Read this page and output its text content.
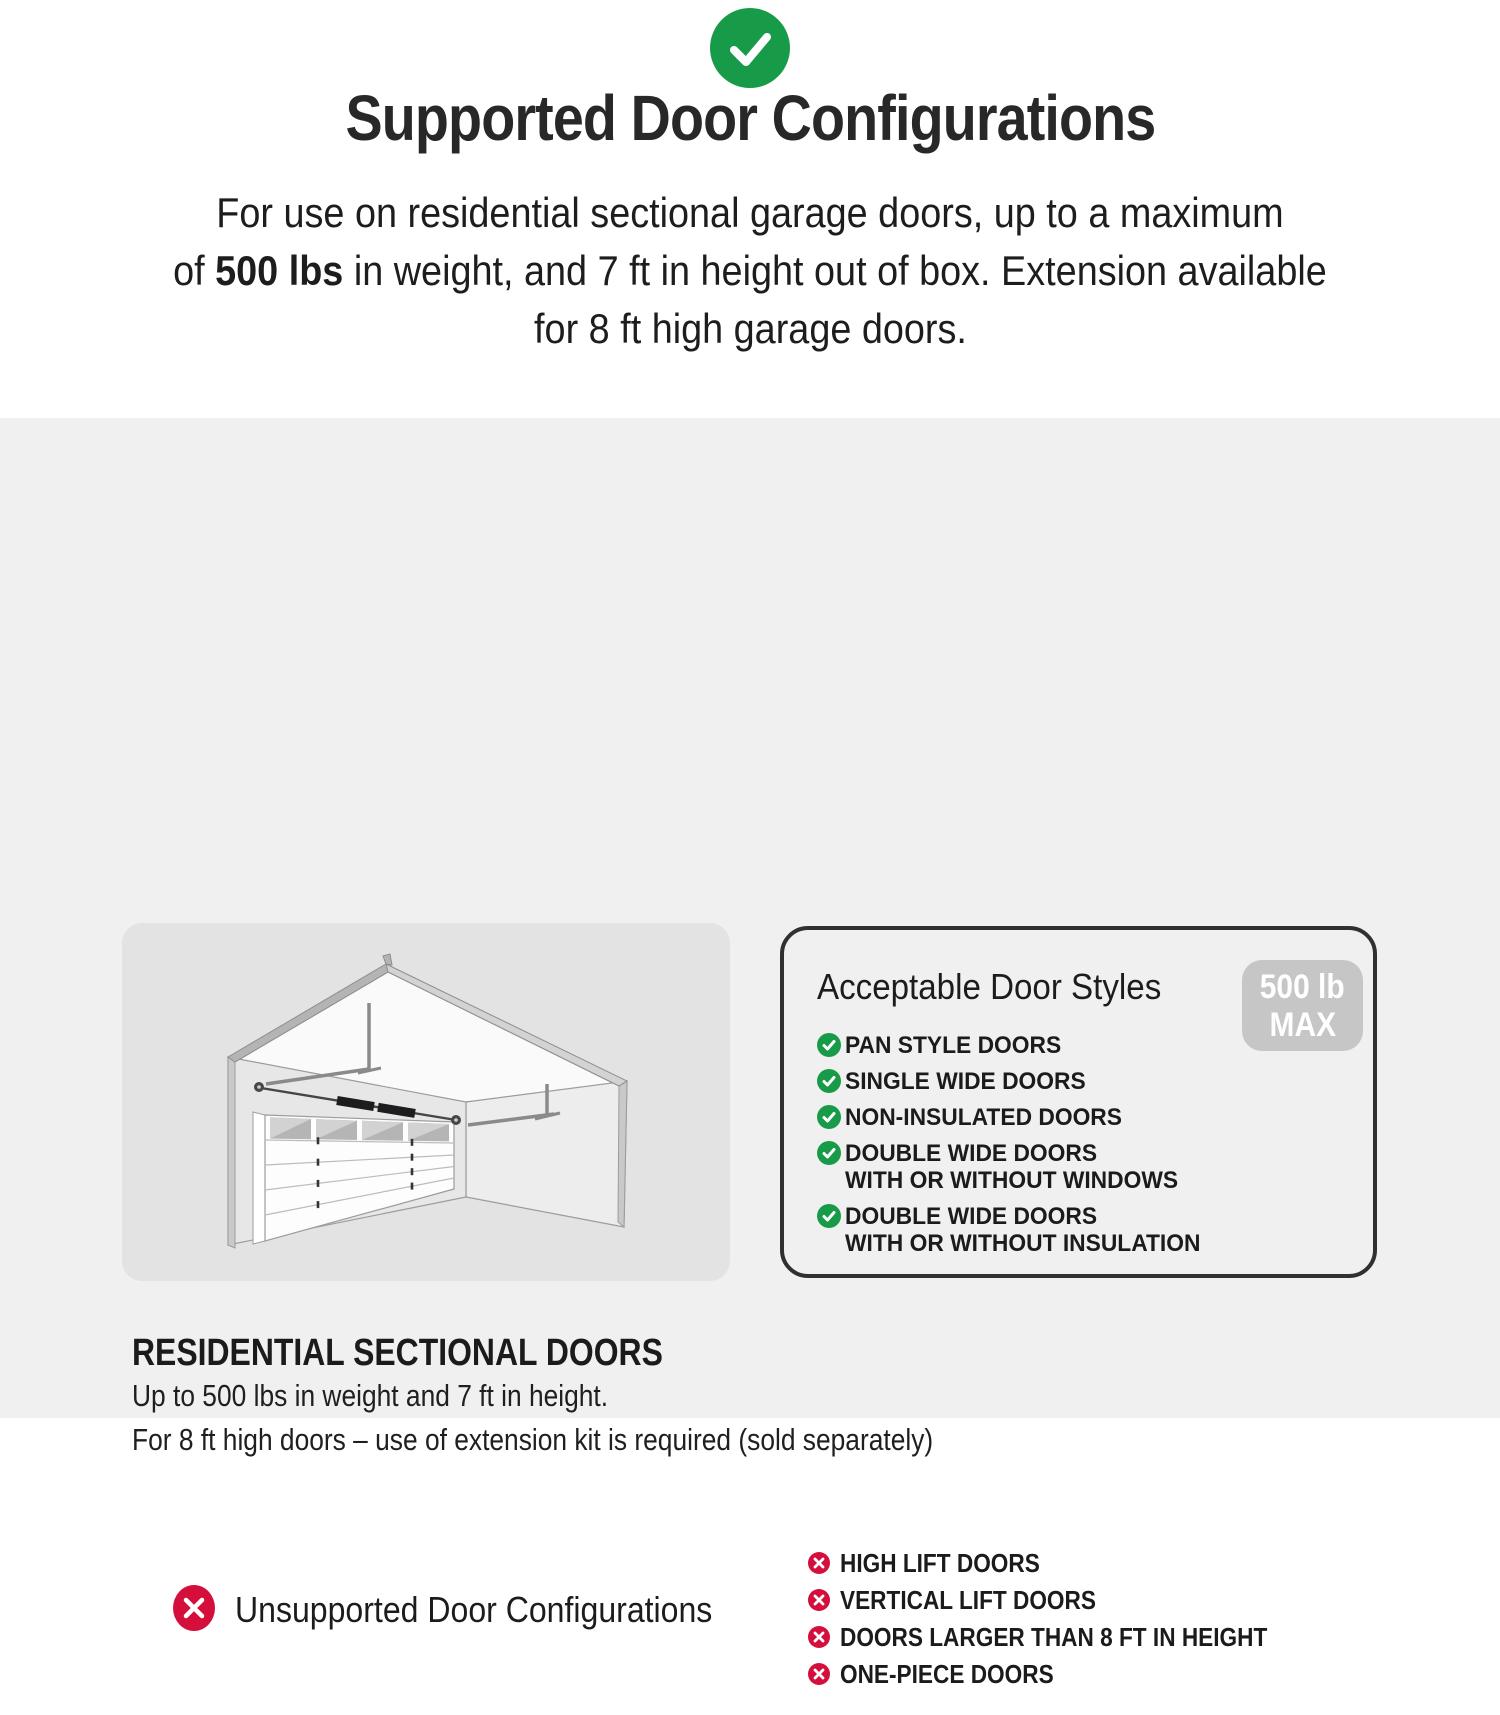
Supported Door Configurations
For use on residential sectional garage doors, up to a maximum
of 500 lbs in weight, and 7 ft in height out of box. Extension available
for 8 ft high garage doors.
Acceptable Door Styles	500 lb
MAX
PAN STYLE DOORS
SINGLE WIDE DOORS
NON-INSULATED DOORS
DOUBLE WIDE DOORS
WITH OR WITHOUT WINDOWS
DOUBLE WIDE DOORS
WITH OR WITHOUT INSULATION
RESIDENTIAL SECTIONAL DOORS
Up to 500 lbs in weight and 7 ft in height.
For 8 ft high doors – use of extension kit is required (sold separately)
Unsupported Door Configurations
HIGH LIFT DOORS
VERTICAL LIFT DOORS
DOORS LARGER THAN 8 FT IN HEIGHT
ONE-PIECE DOORS
